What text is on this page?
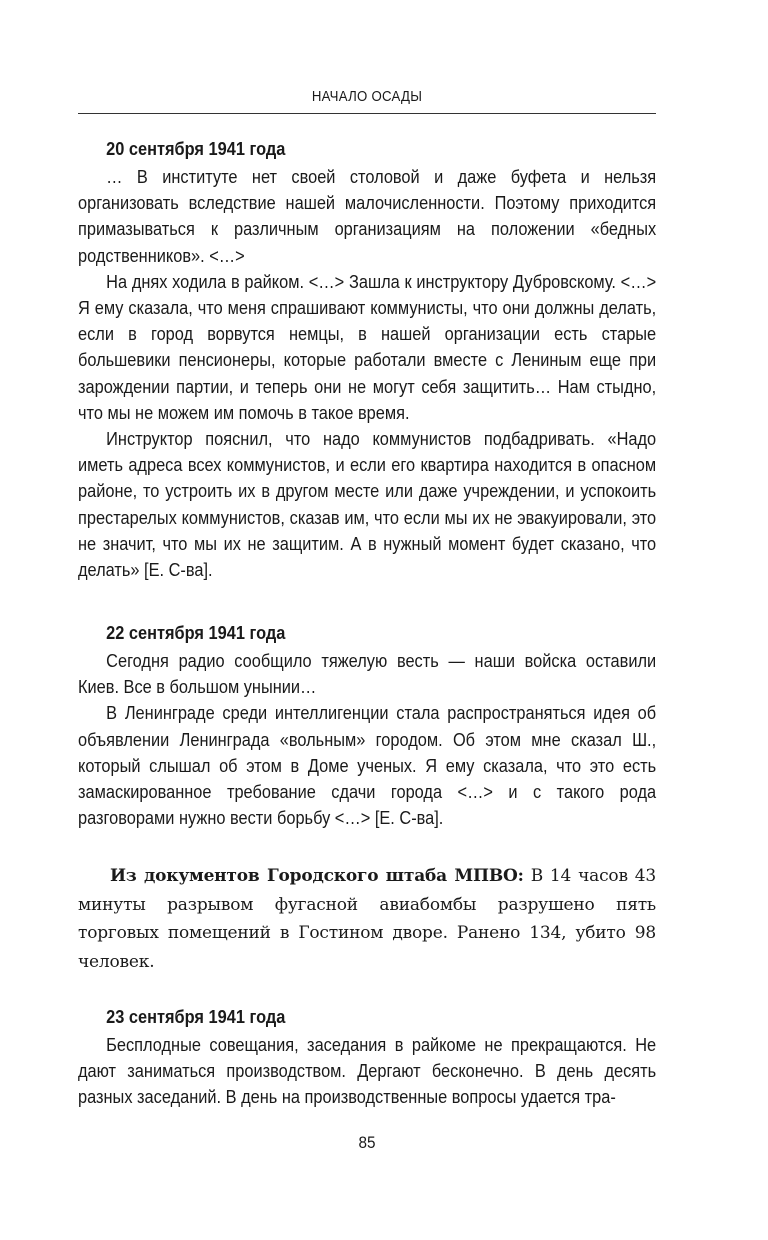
НАЧАЛО ОСАДЫ
20 сентября 1941 года

… В институте нет своей столовой и даже буфета и нельзя организовать вследствие нашей малочисленности. Поэтому приходится примазываться к различным организациям на положении «бедных родственников». <…>

На днях ходила в райком. <…> Зашла к инструктору Дубровскому. <…> Я ему сказала, что меня спрашивают коммунисты, что они должны делать, если в город ворвутся немцы, в нашей организации есть старые большевики пенсионеры, которые работали вместе с Лениным еще при зарождении партии, и теперь они не могут себя защитить… Нам стыдно, что мы не можем им помочь в такое время.

Инструктор пояснил, что надо коммунистов подбадривать. «Надо иметь адреса всех коммунистов, и если его квартира находится в опасном районе, то устроить их в другом месте или даже учреждении, и успокоить престарелых коммунистов, сказав им, что если мы их не эвакуировали, это не значит, что мы их не защитим. А в нужный момент будет сказано, что делать» [Е. С-ва].

22 сентября 1941 года

Сегодня радио сообщило тяжелую весть — наши войска оставили Киев. Все в большом унынии…

В Ленинграде среди интеллигенции стала распространяться идея об объявлении Ленинграда «вольным» городом. Об этом мне сказал Ш., который слышал об этом в Доме ученых. Я ему сказала, что это есть замаскированное требование сдачи города <…> и с такого рода разговорами нужно вести борьбу <…> [Е. С-ва].

Из документов Городского штаба МПВО: В 14 часов 43 минуты разрывом фугасной авиабомбы разрушено пять торговых помещений в Гостином дворе. Ранено 134, убито 98 человек.

23 сентября 1941 года

Бесплодные совещания, заседания в райкоме не прекращаются. Не дают заниматься производством. Дергают бесконечно. В день десять разных заседаний. В день на производственные вопросы удается тра-

85
